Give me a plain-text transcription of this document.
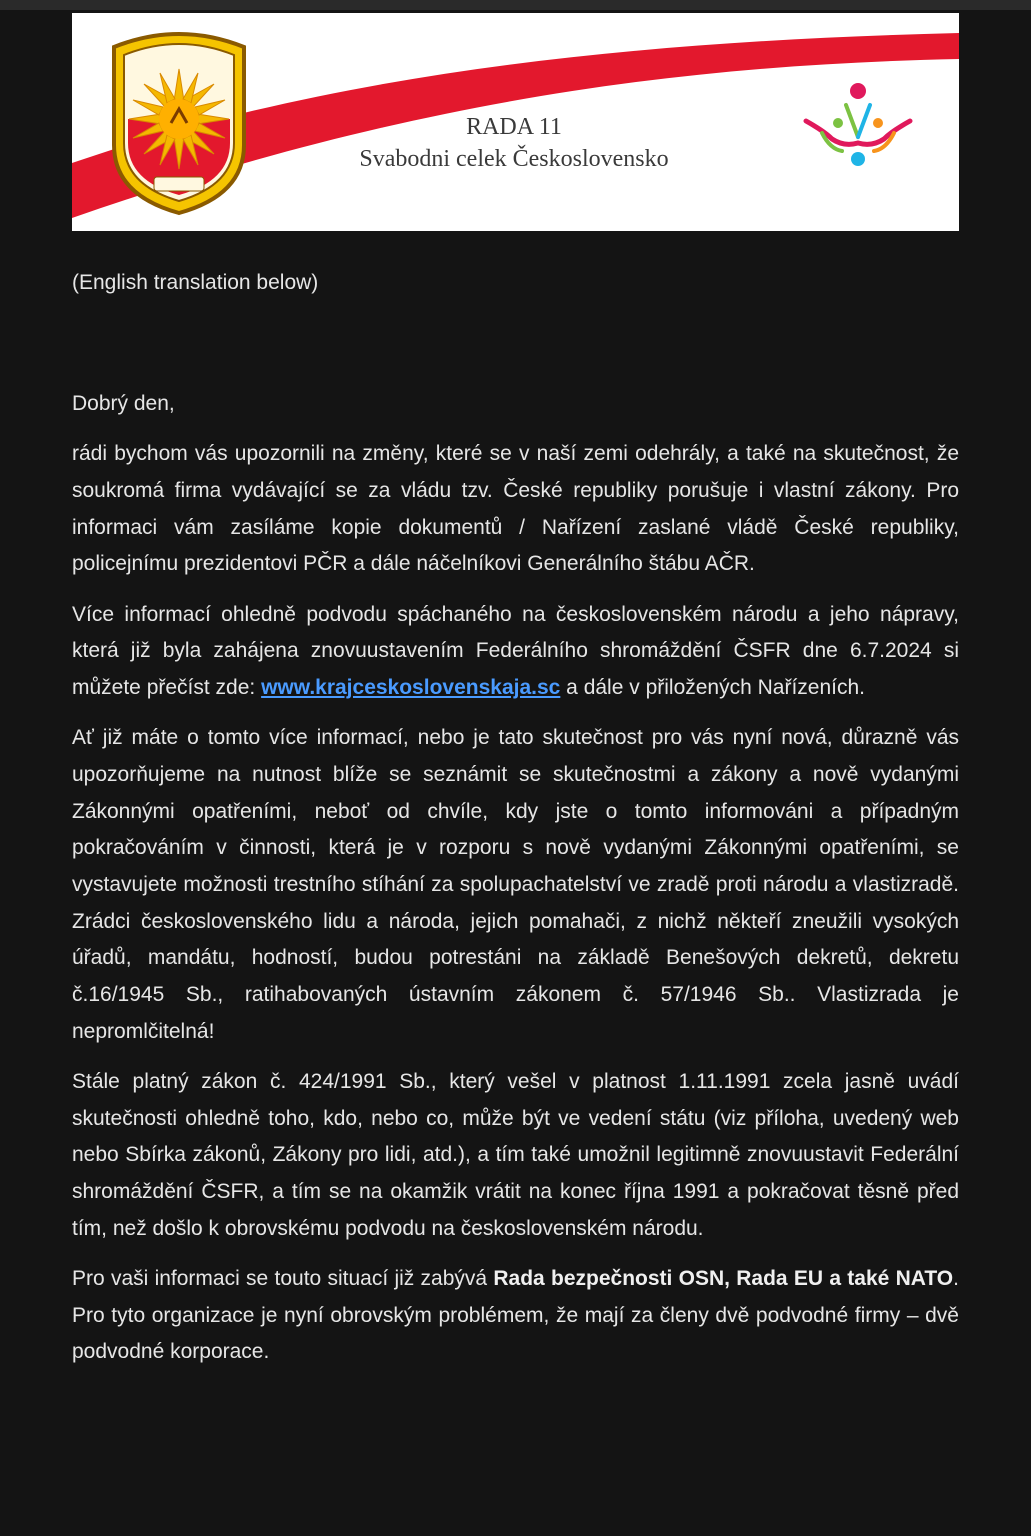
RADA 11
Svabodni celek Československo
(English translation below)

Dobrý den,

rádi bychom vás upozornili na změny, které se v naší zemi odehrály, a také na skutečnost, že soukromá firma vydávající se za vládu tzv. České republiky porušuje i vlastní zákony. Pro informaci vám zasíláme kopie dokumentů / Nařízení zaslané vládě České republiky, policejnímu prezidentovi PČR a dále náčelníkovi Generálního štábu AČR.

Více informací ohledně podvodu spáchaného na československém národu a jeho nápravy, která již byla zahájena znovuustavením Federálního shromáždění ČSFR dne 6.7.2024 si můžete přečíst zde: www.krajceskoslovenskaja.sc a dále v přiložených Nařízeních.

Ať již máte o tomto více informací, nebo je tato skutečnost pro vás nyní nová, důrazně vás upozorňujeme na nutnost blíže se seznámit se skutečnostmi a zákony a nově vydanými Zákonnými opatřeními, neboť od chvíle, kdy jste o tomto informováni a případným pokračováním v činnosti, která je v rozporu s nově vydanými Zákonnými opatřeními, se vystavujete možnosti trestního stíhání za spolupachatelství ve zradě proti národu a vlastizradě. Zrádci československého lidu a národa, jejich pomahači, z nichž někteří zneužili vysokých úřadů, mandátu, hodností, budou potrestáni na základě Benešových dekretů, dekretu č.16/1945 Sb., ratihabovaných ústavním zákonem č. 57/1946 Sb.. Vlastizrada je nepromlčitelná!

Stále platný zákon č. 424/1991 Sb., který vešel v platnost 1.11.1991 zcela jasně uvádí skutečnosti ohledně toho, kdo, nebo co, může být ve vedení státu (viz příloha, uvedený web nebo Sbírka zákonů, Zákony pro lidi, atd.), a tím také umožnil legitimně znovuustavit Federální shromáždění ČSFR, a tím se na okamžik vrátit na konec října 1991 a pokračovat těsně před tím, než došlo k obrovskému podvodu na československém národu.

Pro vaši informaci se touto situací již zabývá Rada bezpečnosti OSN, Rada EU a také NATO. Pro tyto organizace je nyní obrovským problémem, že mají za členy dvě podvodné firmy – dvě podvodné korporace.
